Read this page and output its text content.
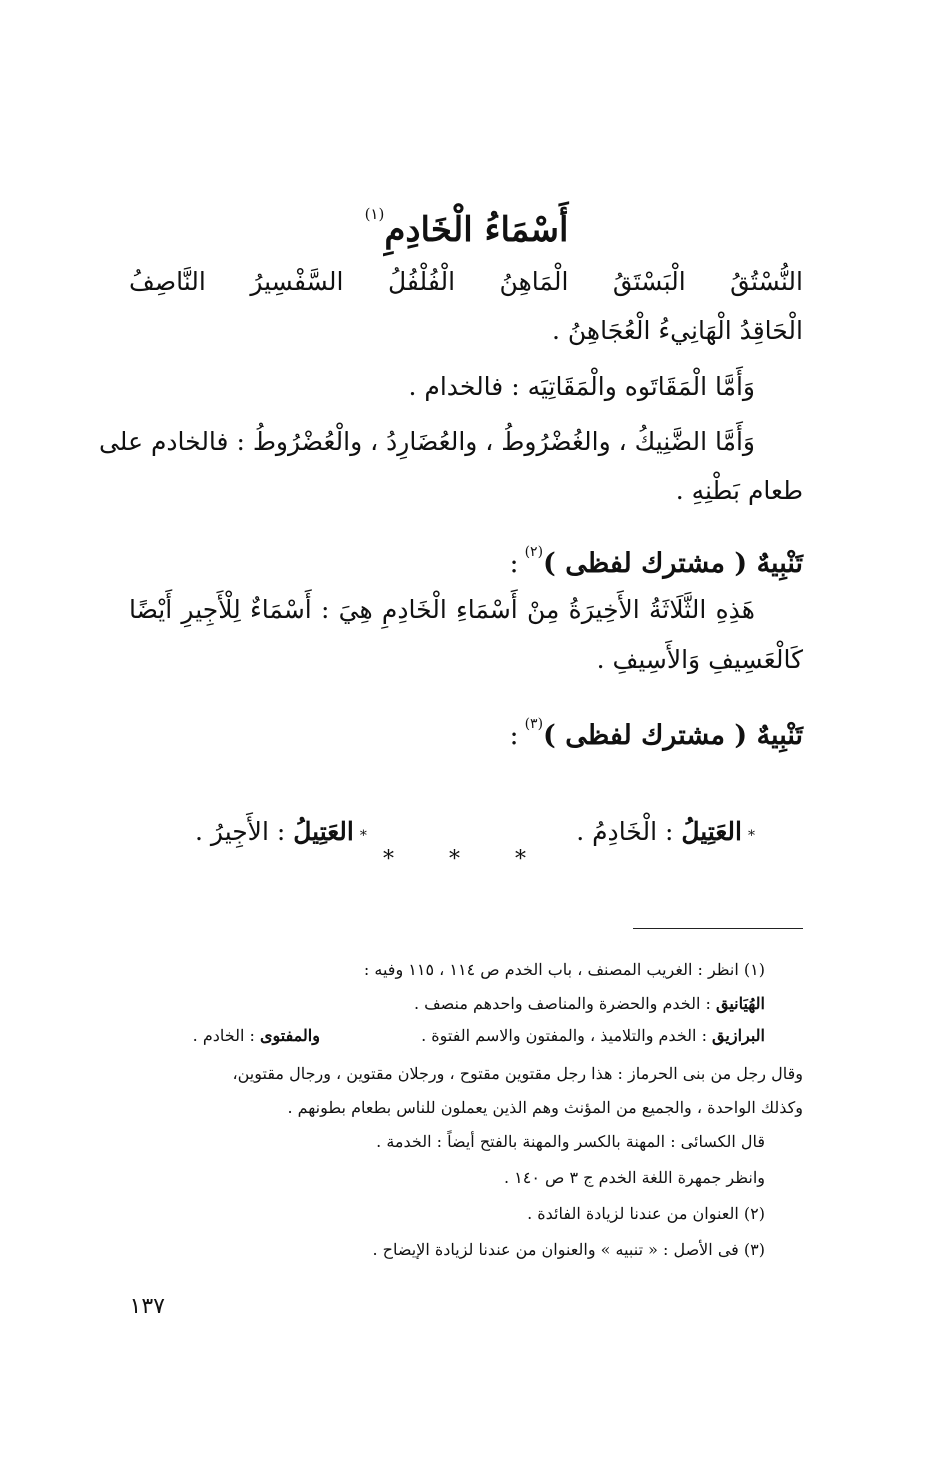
أَسْمَاءُ الْخَادِمِ$^{(١)}$
النُّسْتُقُ الْبَسْتَقُ الْمَاهِنُ الْفُلْفُلُ السَّفْسِيرُ النَّاصِفُ
الْحَاقِدُ الْهَانِيءُ الْعُجَاهِنُ .
وَأَمَّا الْمَقَاتَوه والْمَقَاتِيَه : فالخدام .
وَأَمَّا الضَّنِيكُ ، والغُضْرُوطُ ، والعُضَارِدُ ، والْعُضْرُوطُ : فالخادم على
طعام بَطْنِهِ .
تَنْبِيهٌ ( مشترك لفظى )$^{(٢)}$:
هَذِهِ الثَّلَاثَةُ الأَخِيرَةُ مِنْ أَسْمَاءِ الْخَادِمِ هِيَ : أَسْمَاءٌ لِلْأَجِيرِ أَيْضًا
كَالْعَسِيفِ وَالأَسِيفِ .
تَنْبِيهٌ ( مشترك لفظى )$^{(٣)}$:
*العَتِيلُ : الْخَادِمُ .
*العَتِيلُ : الأَجِيرُ .
* * *
(١) انظر : الغريب المصنف ، باب الخدم ص ١١٤ ، ١١٥ وفيه :
الهُيَانيق : الخدم والحضرة والمناصف واحدهم منصف .
البرازيق : الخدم والتلاميذ ، والمفتون والاسم الفتوة . والمفتوى : الخادم .
وقال رجل من بنى الحرماز : هذا رجل مقتوين مقتوح ، ورجلان مقتوين ، ورجال مقتوين،
وكذلك الواحدة ، والجميع من المؤنث وهم الذين يعملون للناس بطعام بطونهم .
قال الكسائى : المهنة بالكسر والمهنة بالفتح أيضاً : الخدمة .
وانظر جمهرة اللغة الخدم ج ٣ ص ١٤٠ .
(٢) العنوان من عندنا لزيادة الفائدة .
(٣) فى الأصل : « تنبيه » والعنوان من عندنا لزيادة الإيضاح .
١٣٧
